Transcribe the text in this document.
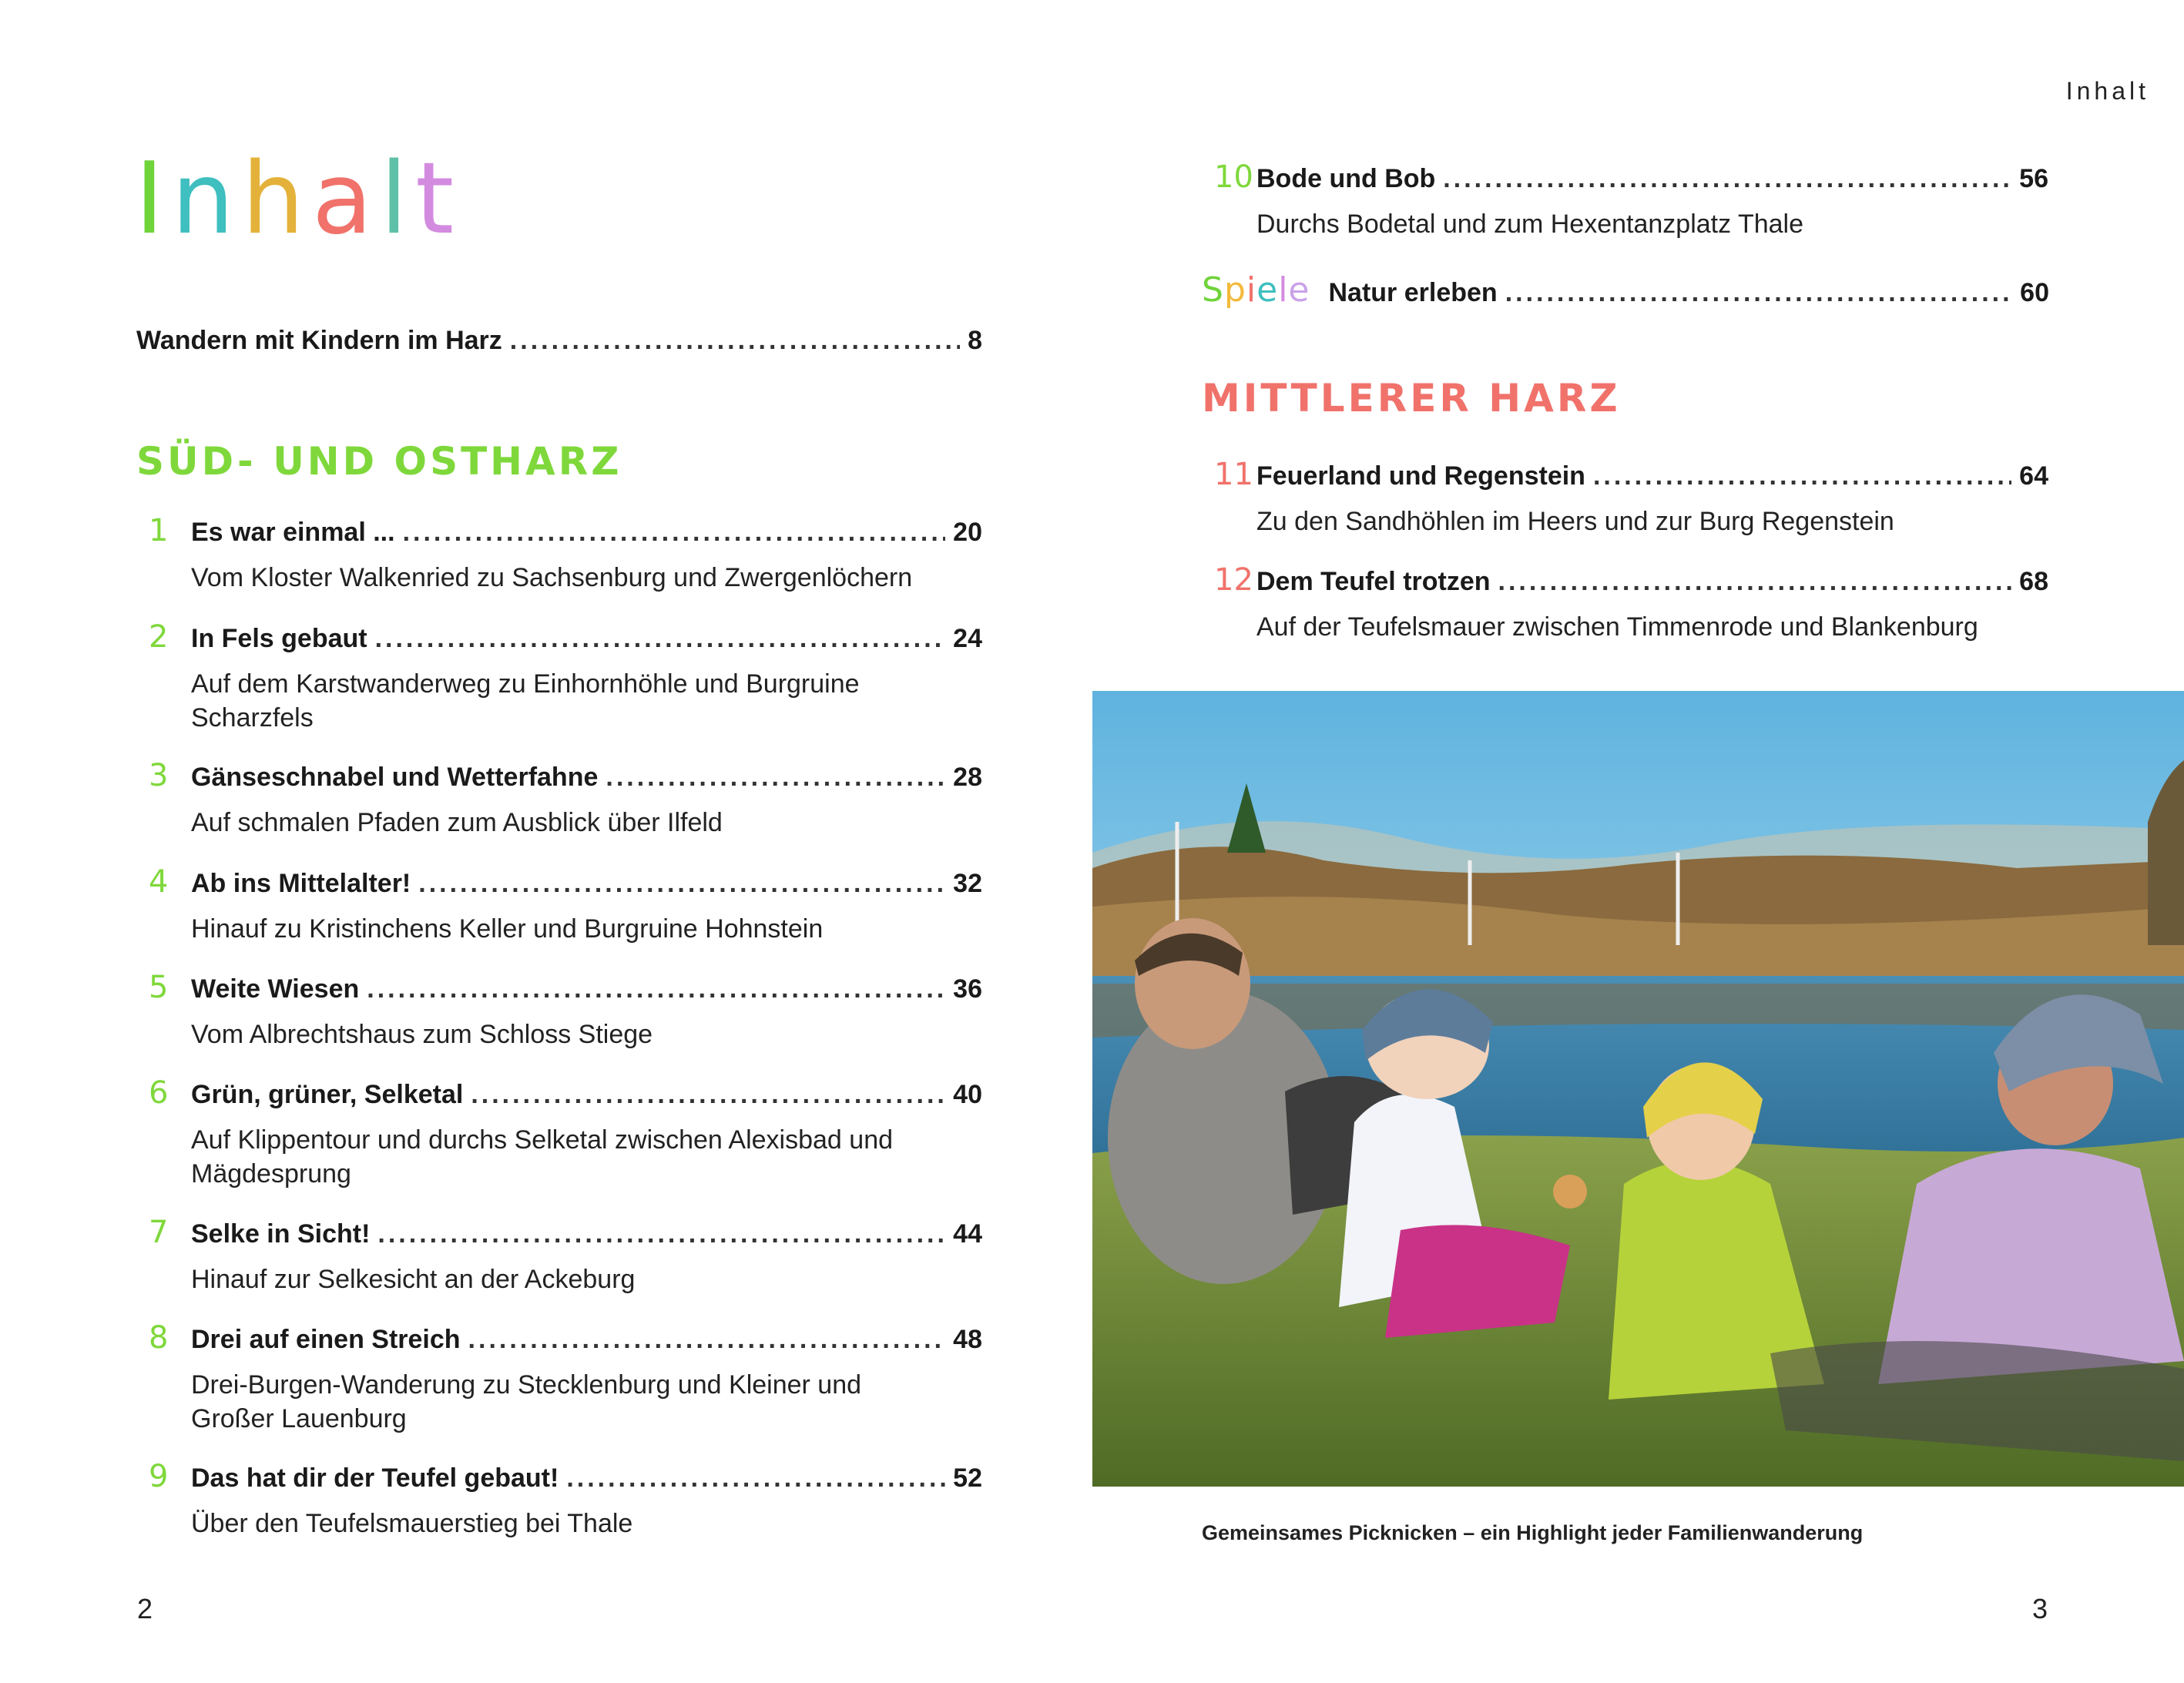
Inhalt
Inhalt
Wandern mit Kindern im Harz .....	8
SÜD- UND OSTHARZ
1 Es war einmal ... .....	20
Vom Kloster Walkenried zu Sachsenburg und Zwergenlöchern
2 In Fels gebaut .....	24
Auf dem Karstwanderweg zu Einhornhöhle und Burgruine Scharzfels
3 Gänseschnabel und Wetterfahne .....	28
Auf schmalen Pfaden zum Ausblick über Ilfeld
4 Ab ins Mittelalter! .....	32
Hinauf zu Kristinchens Keller und Burgruine Hohnstein
5 Weite Wiesen .....	36
Vom Albrechtshaus zum Schloss Stiege
6 Grün, grüner, Selketal .....	40
Auf Klippentour und durchs Selketal zwischen Alexisbad und Mägdesprung
7 Selke in Sicht! .....	44
Hinauf zur Selkesicht an der Ackeburg
8 Drei auf einen Streich .....	48
Drei-Burgen-Wanderung zu Stecklenburg und Kleiner und Großer Lauenburg
9 Das hat dir der Teufel gebaut! .....	52
Über den Teufelsmauerstieg bei Thale
10 Bode und Bob .....	56
Durchs Bodetal und zum Hexentanzplatz Thale
Spiele Natur erleben .....	60
MITTLERER HARZ
11 Feuerland und Regenstein .....	64
Zu den Sandhöhlen im Heers und zur Burg Regenstein
12 Dem Teufel trotzen .....	68
Auf der Teufelsmauer zwischen Timmenrode und Blankenburg
Gemeinsames Picknicken – ein Highlight jeder Familienwanderung
2	3
